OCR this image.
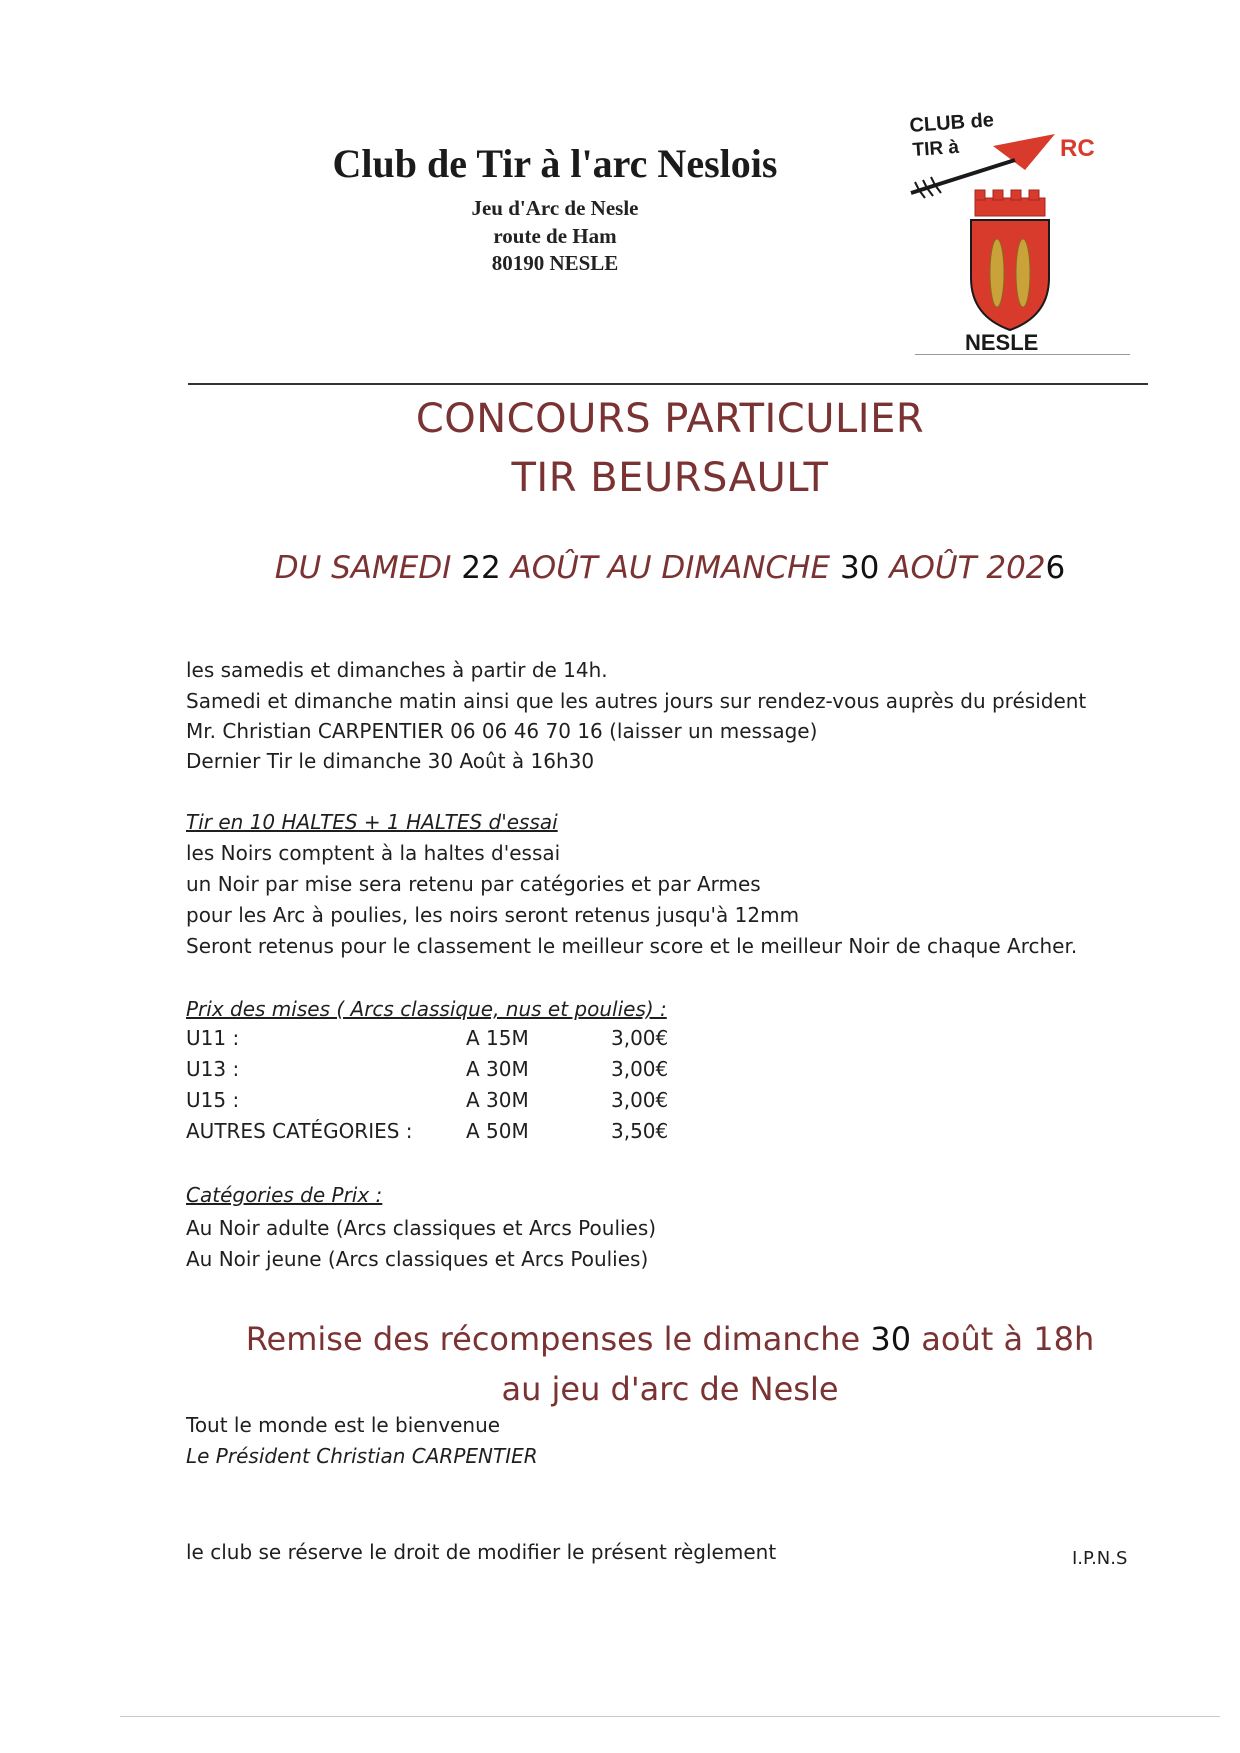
Club de Tir à l'arc Neslois
Jeu d'Arc de Nesle
route de Ham
80190 NESLE
CLUB de
TIR à	RC
NESLE
CONCOURS PARTICULIER
TIR BEURSAULT
DU SAMEDI 22 AOÛT AU DIMANCHE 30 AOÛT 2026
les samedis et dimanches à partir de 14h.
Samedi et dimanche matin ainsi que les autres jours sur rendez-vous auprès du président
Mr. Christian CARPENTIER 06 06 46 70 16 (laisser un message)
Dernier Tir le dimanche 30 Août à 16h30
Tir en 10 HALTES + 1 HALTES d'essai
les Noirs comptent à la haltes d'essai
un Noir par mise sera retenu par catégories et par Armes
pour les Arc à poulies, les noirs seront retenus jusqu'à 12mm
Seront retenus pour le classement le meilleur score et le meilleur Noir de chaque Archer.
Prix des mises ( Arcs classique, nus et poulies) :
U11 :	A 15M	3,00€
U13 :	A 30M	3,00€
U15 :	A 30M	3,00€
AUTRES CATÉGORIES :	A 50M	3,50€
Catégories de Prix :
Au Noir adulte (Arcs classiques et Arcs Poulies)
Au Noir jeune (Arcs classiques et Arcs Poulies)
Remise des récompenses le dimanche 30 août à 18h
au jeu d'arc de Nesle
Tout le monde est le bienvenue
Le Président Christian CARPENTIER
le club se réserve le droit de modifier le présent règlement	I.P.N.S
